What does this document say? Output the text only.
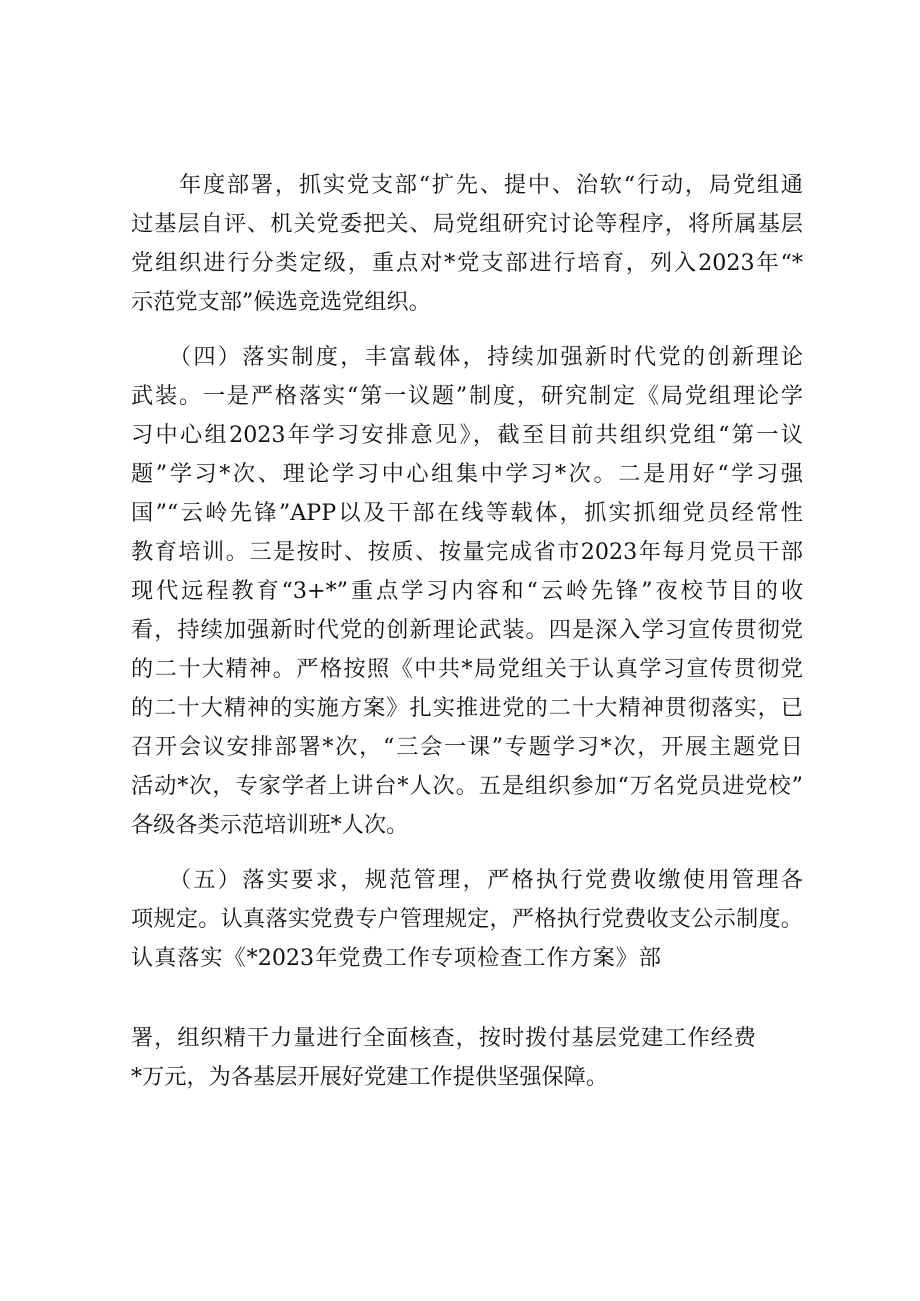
　　年度部署，抓实党支部“扩先、提中、治软“行动，局党组通
过基层自评、机关党委把关、局党组研究讨论等程序，将所属基层
党组织进行分类定级，重点对*党支部进行培育，列入2023年“*
示范党支部”候选竞选党组织。
　　（四）落实制度，丰富载体，持续加强新时代党的创新理论
武装。一是严格落实“第一议题”制度，研究制定《局党组理论学
习中心组2023年学习安排意见》，截至目前共组织党组“第一议
题”学习*次、理论学习中心组集中学习*次。二是用好“学习强
国”“云岭先锋”APP以及干部在线等载体，抓实抓细党员经常性
教育培训。三是按时、按质、按量完成省市2023年每月党员干部
现代远程教育“3+*”重点学习内容和“云岭先锋”夜校节目的收
看，持续加强新时代党的创新理论武装。四是深入学习宣传贯彻党
的二十大精神。严格按照《中共*局党组关于认真学习宣传贯彻党
的二十大精神的实施方案》扎实推进党的二十大精神贯彻落实，已
召开会议安排部署*次，“三会一课”专题学习*次，开展主题党日
活动*次，专家学者上讲台*人次。五是组织参加“万名党员进党校”
各级各类示范培训班*人次。
　　（五）落实要求，规范管理，严格执行党费收缴使用管理各
项规定。认真落实党费专户管理规定，严格执行党费收支公示制度。
认真落实《*2023年党费工作专项检查工作方案》部
署，组织精干力量进行全面核查，按时拨付基层党建工作经费
*万元，为各基层开展好党建工作提供坚强保障。
